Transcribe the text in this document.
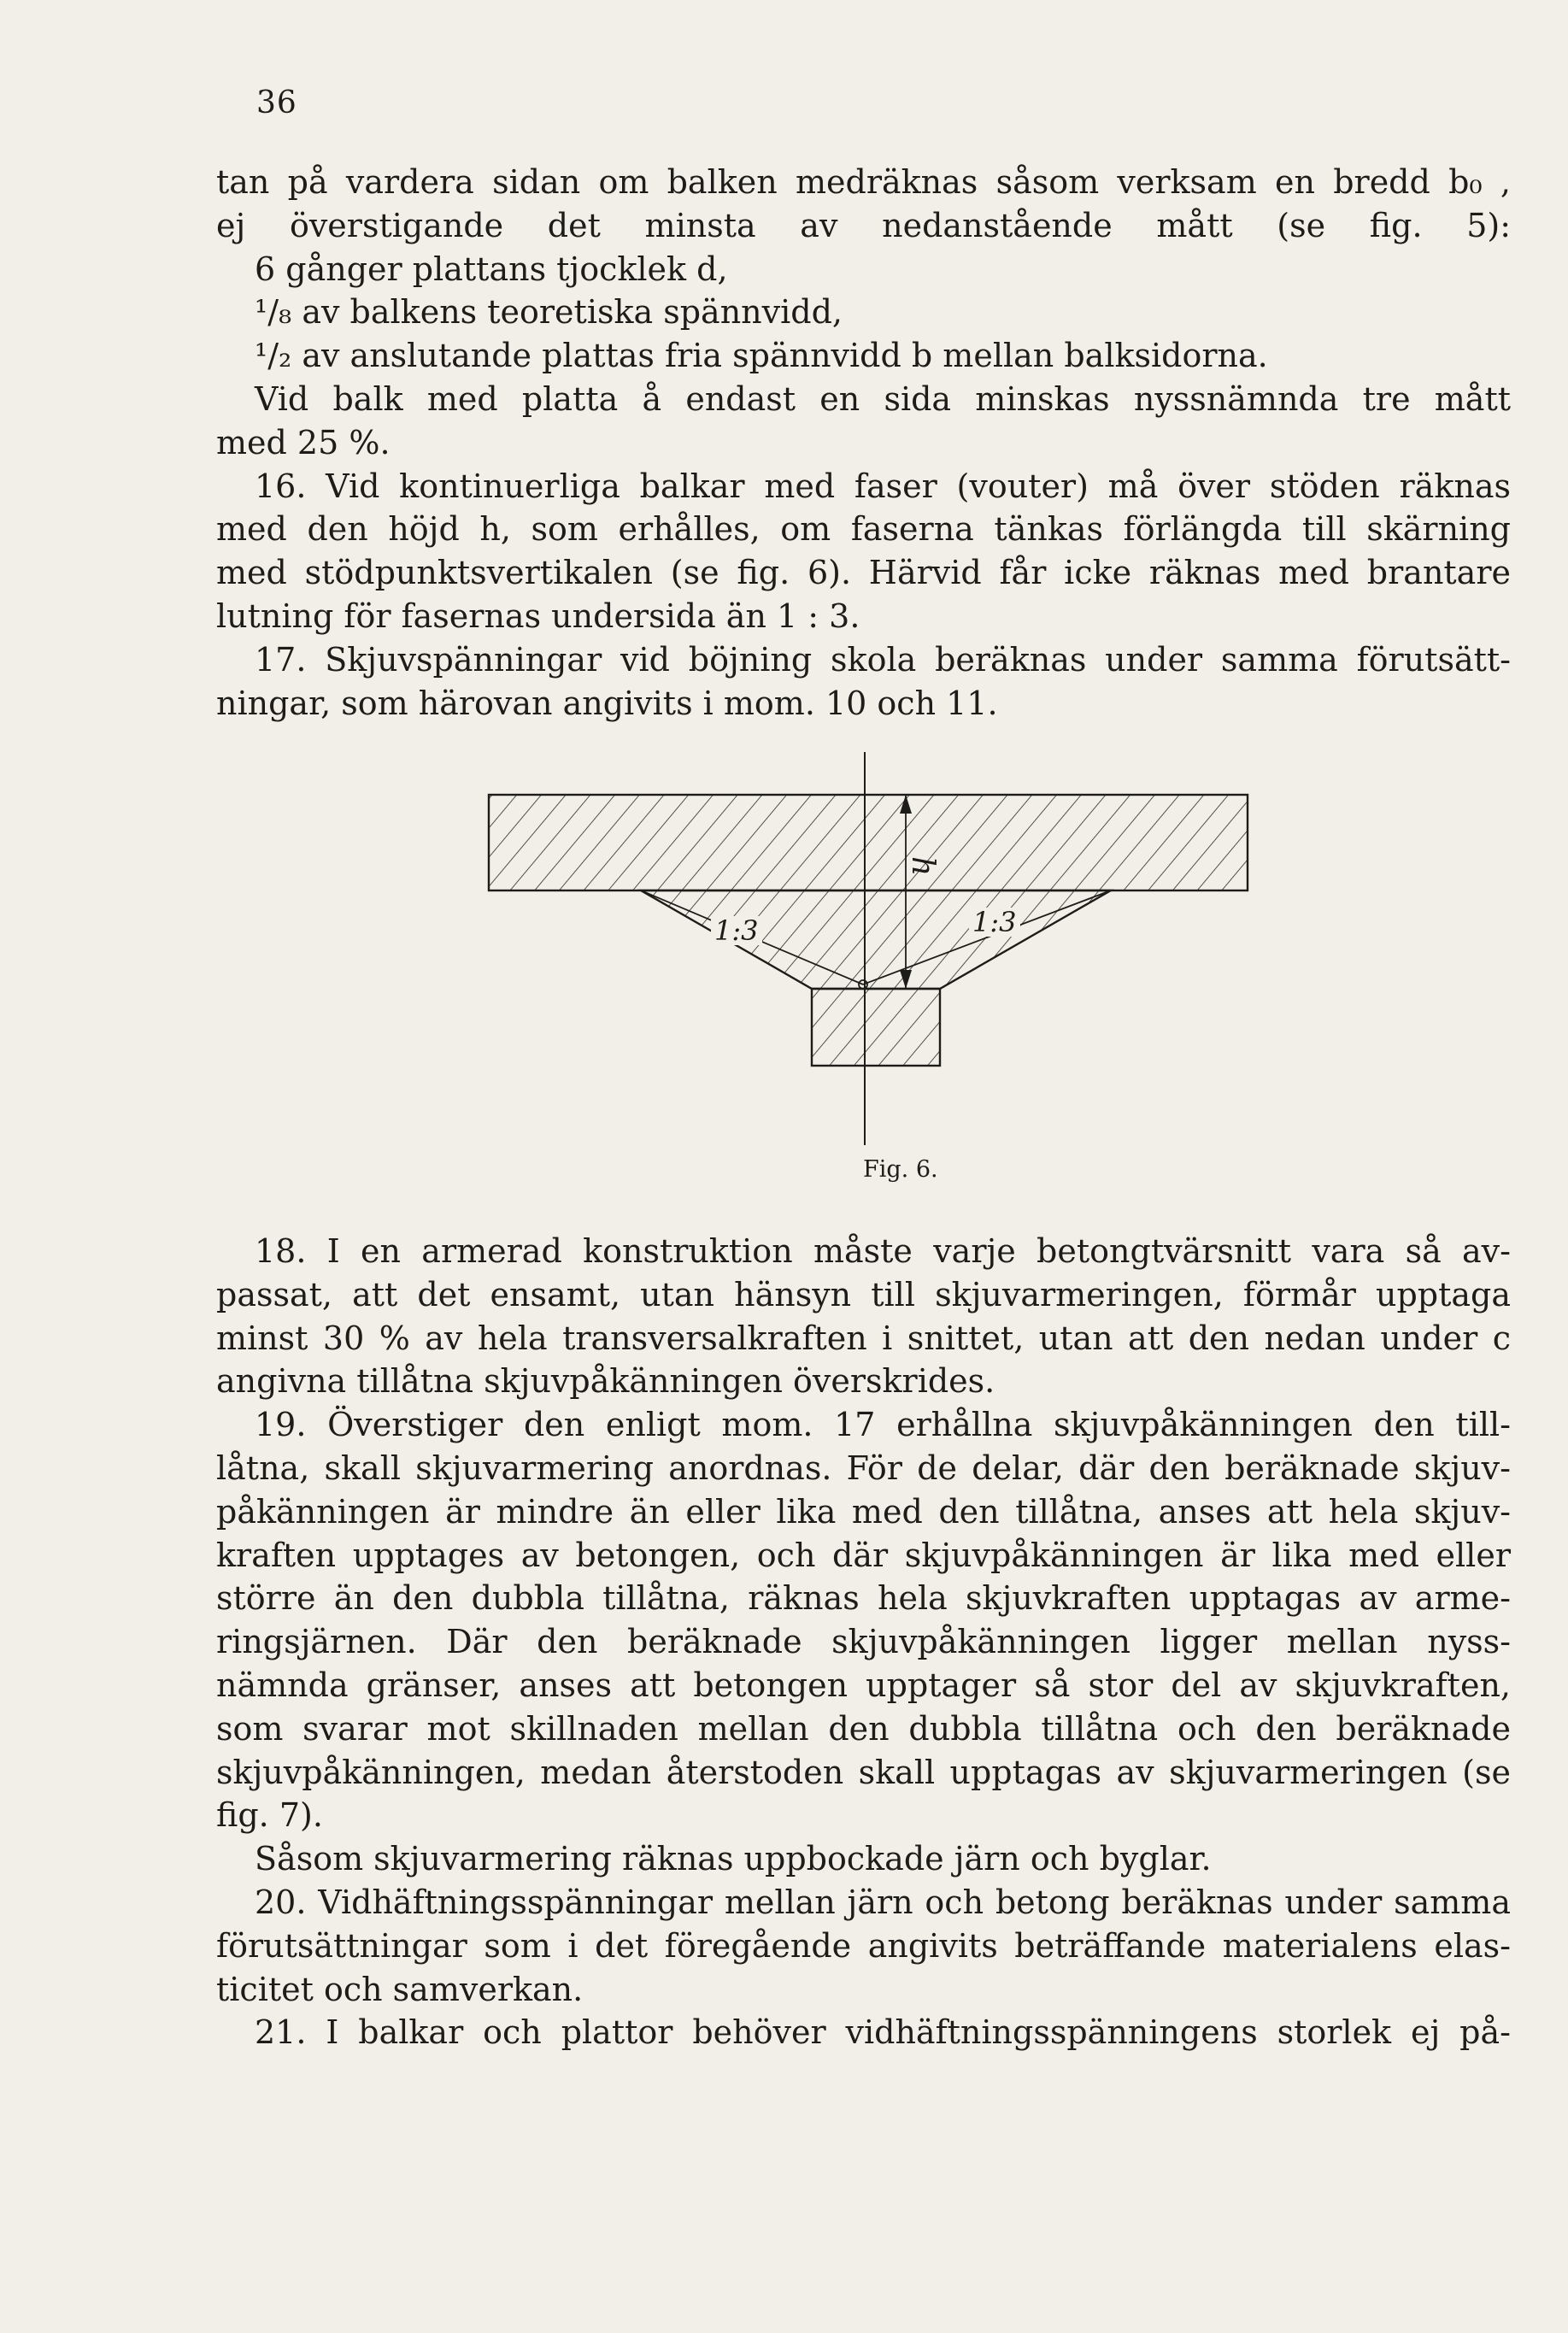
36
tan på vardera sidan om balken medräknas såsom verksam en bredd b₀ ,
ej överstigande det minsta av nedanstående mått (se fig. 5):
6 gånger plattans tjocklek d,
¹/₈ av balkens teoretiska spännvidd,
¹/₂ av anslutande plattas fria spännvidd b mellan balksidorna.
Vid balk med platta å endast en sida minskas nyssnämnda tre mått
med 25 %.
16. Vid kontinuerliga balkar med faser (vouter) må över stöden räknas
med den höjd h, som erhålles, om faserna tänkas förlängda till skärning
med stödpunktsvertikalen (se fig. 6). Härvid får icke räknas med brantare
lutning för fasernas undersida än 1 : 3.
17. Skjuvspänningar vid böjning skola beräknas under samma förutsätt-
ningar, som härovan angivits i mom. 10 och 11.
1:3	1:3
h
Fig. 6.
18. I en armerad konstruktion måste varje betongtvärsnitt vara så av-
passat, att det ensamt, utan hänsyn till skjuvarmeringen, förmår upptaga
minst 30 % av hela transversalkraften i snittet, utan att den nedan under c
angivna tillåtna skjuvpåkänningen överskrides.
19. Överstiger den enligt mom. 17 erhållna skjuvpåkänningen den till-
låtna, skall skjuvarmering anordnas. För de delar, där den beräknade skjuv-
påkänningen är mindre än eller lika med den tillåtna, anses att hela skjuv-
kraften upptages av betongen, och där skjuvpåkänningen är lika med eller
större än den dubbla tillåtna, räknas hela skjuvkraften upptagas av arme-
ringsjärnen. Där den beräknade skjuvpåkänningen ligger mellan nyss-
nämnda gränser, anses att betongen upptager så stor del av skjuvkraften,
som svarar mot skillnaden mellan den dubbla tillåtna och den beräknade
skjuvpåkänningen, medan återstoden skall upptagas av skjuvarmeringen (se
fig. 7).
Såsom skjuvarmering räknas uppbockade järn och byglar.
20. Vidhäftningsspänningar mellan järn och betong beräknas under samma
förutsättningar som i det föregående angivits beträffande materialens elas-
ticitet och samverkan.
21. I balkar och plattor behöver vidhäftningsspänningens storlek ej på-
